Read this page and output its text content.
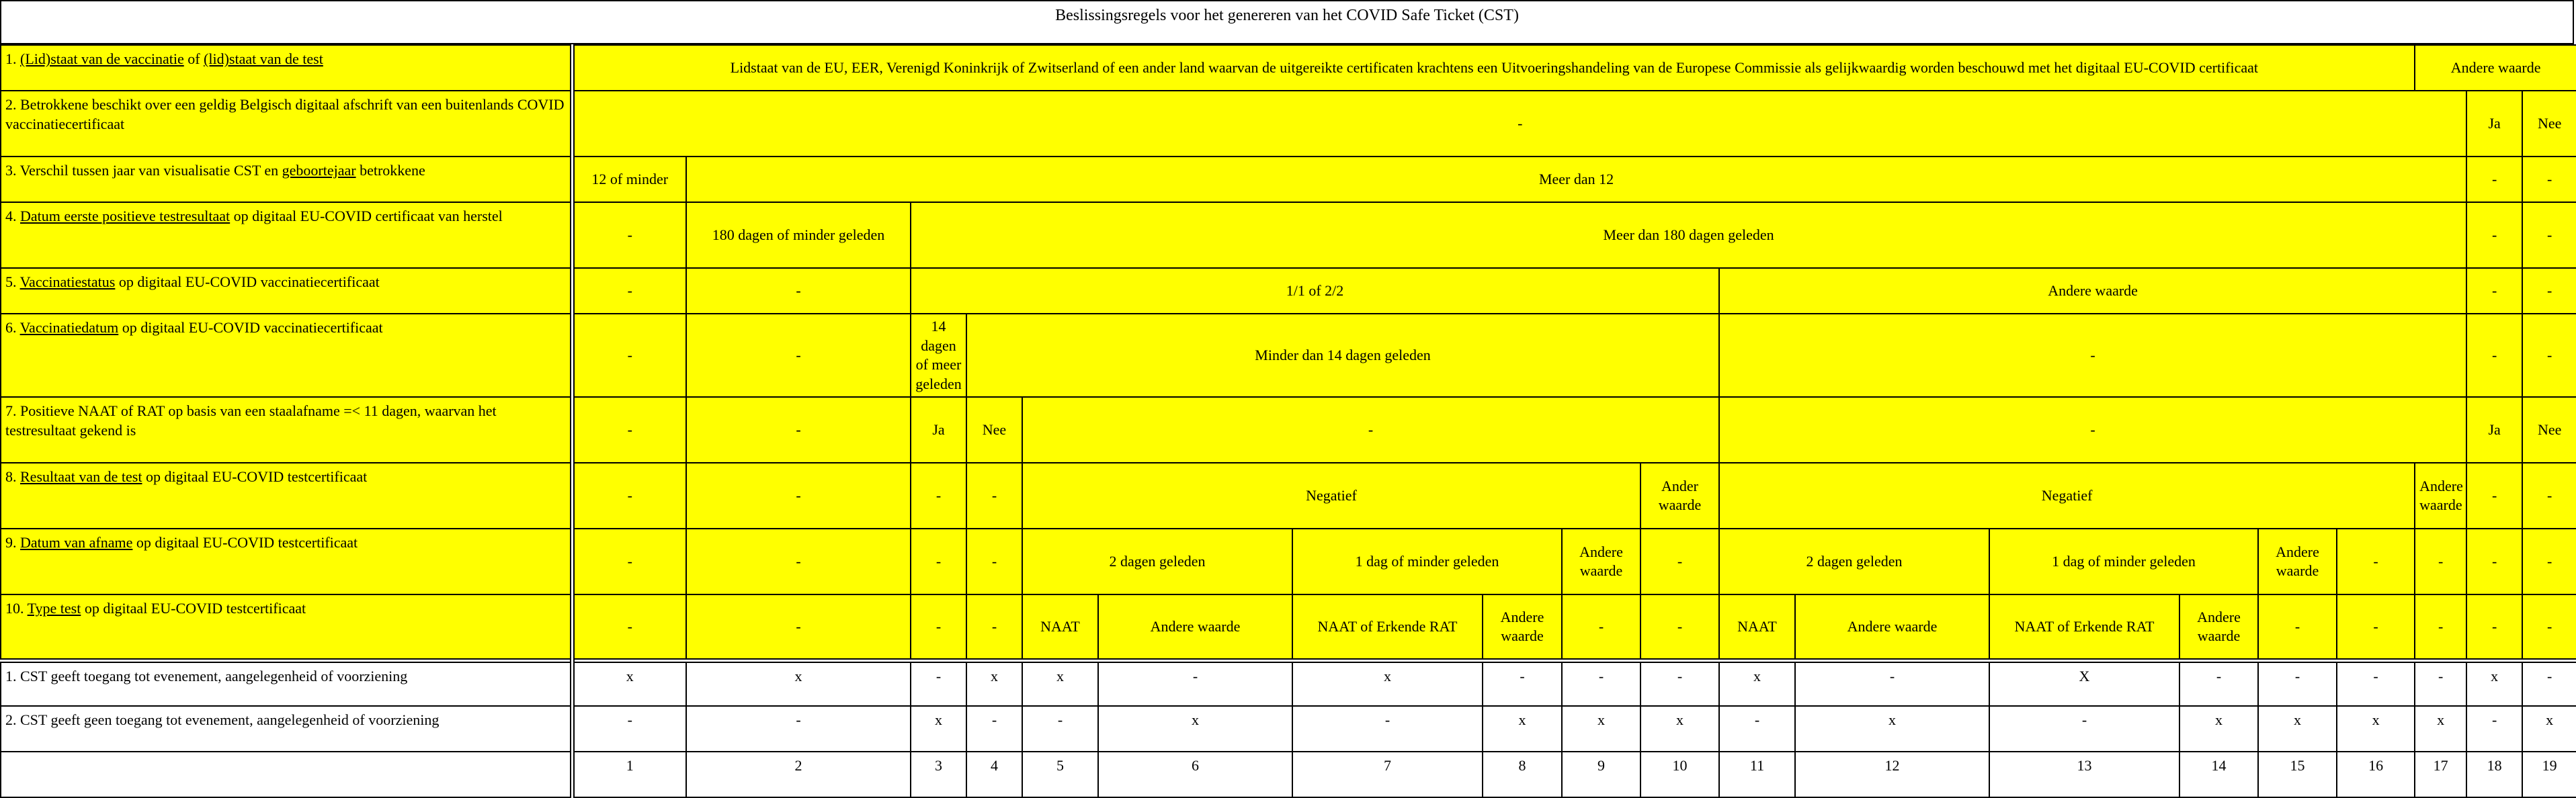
Beslissingsregels voor het genereren van het COVID Safe Ticket (CST)
1. (Lid)staat van de vaccinatie of (lid)staat van de test	Lidstaat van de EU, EER, Verenigd Koninkrijk of Zwitserland of een ander land waarvan de uitgereikte certificaten krachtens een Uitvoeringshandeling van de Europese Commissie als gelijkwaardig worden beschouwd met het digitaal EU-COVID certificaat																Andere waarde			
2. Betrokkene beschikt over een geldig Belgisch digitaal afschrift van een buitenlands COVID vaccinatiecertificaat	-																	Ja	Nee	
3. Verschil tussen jaar van visualisatie CST en geboortejaar betrokkene	12 of minder	Meer dan 12																-	-	
4. Datum eerste positieve testresultaat op digitaal EU-COVID certificaat van herstel	-	180 dagen of minder geleden	Meer dan 180 dagen geleden															-	-	
5. Vaccinatiestatus op digitaal EU-COVID vaccinatiecertificaat	-	-	1/1 of 2/2								Andere waarde							-	-	
6. Vaccinatiedatum op digitaal EU-COVID vaccinatiecertificaat	-	-	14 dagen of meer geleden	Minder dan 14 dagen geleden							-							-	-	
7. Positieve NAAT of RAT op basis van een staalafname =< 11 dagen, waarvan het testresultaat gekend is	-	-	Ja	Nee	-						-							Ja	Nee	
8. Resultaat van de test op digitaal EU-COVID testcertificaat	-	-	-	-	Negatief					Ander waarde	Negatief						Andere waarde	-	-	
9. Datum van afname op digitaal EU-COVID testcertificaat	-	-	-	-	2 dagen geleden		1 dag of minder geleden		Andere waarde	-	2 dagen geleden		1 dag of minder geleden		Andere waarde	-	-	-	-	
10. Type test op digitaal EU-COVID testcertificaat	-	-	-	-	NAAT	Andere waarde	NAAT of Erkende RAT	Andere waarde	-	-	NAAT	Andere waarde	NAAT of Erkende RAT	Andere waarde	-	-	-	-	-	
1. CST geeft toegang tot evenement, aangelegenheid of voorziening	x	x	-	x	x	-	x	-	-	-	x	-	X	-	-	-	-	x	-	
2. CST geeft geen toegang tot evenement, aangelegenheid of voorziening	-	-	x	-	-	x	-	x	x	x	-	x	-	x	x	x	x	-	x	
	1	2	3	4	5	6	7	8	9	10	11	12	13	14	15	16	17	18	19	
